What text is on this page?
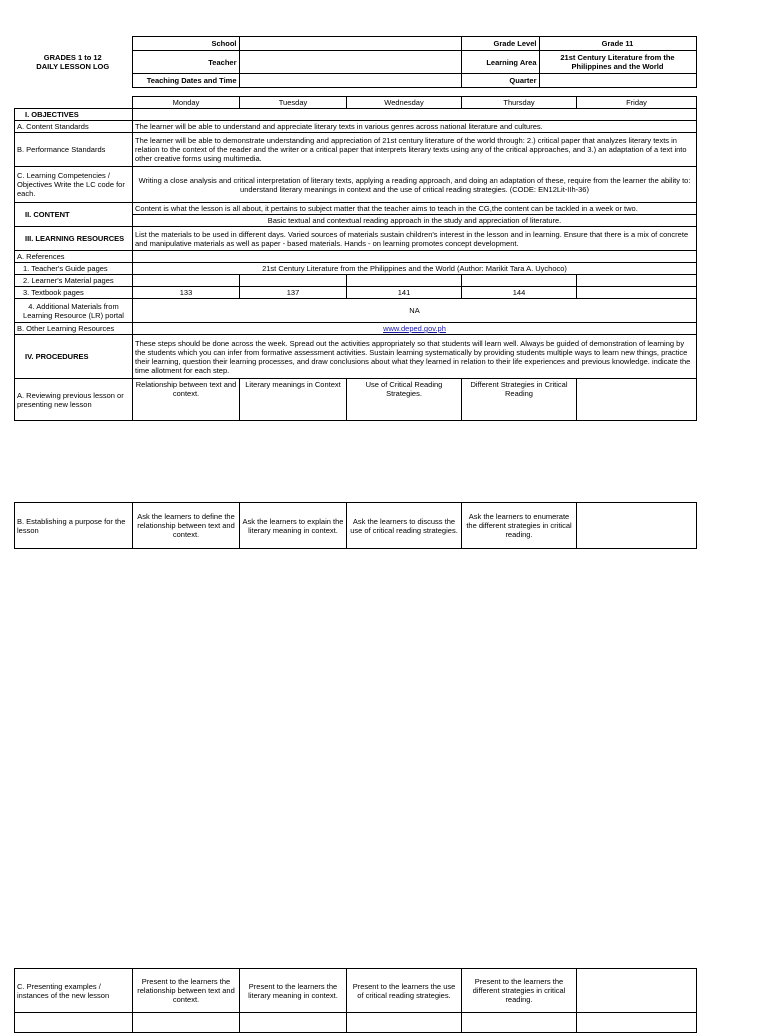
GRADES 1 to 12
DAILY LESSON LOG	School		Grade Level	Grade 11
	Teacher		Learning Area	21st Century Literature from the Philippines and the World
	Teaching Dates and Time		Quarter	
	Monday	Tuesday	Wednesday	Thursday	Friday
I. OBJECTIVES					
A. Content Standards	The learner will be able to understand and appreciate literary texts in various genres across national literature and cultures.				
B. Performance Standards	The learner will be able to demonstrate understanding and appreciation of 21st century literature of the world through: 2.) critical paper that analyzes literary texts in relation to the context of the reader and the writer or a critical paper that interprets literary texts using any of the critical approaches, and 3.) an adaptation of a text into other creative forms using multimedia.				
C. Learning Competencies / Objectives Write the LC code for each.	Writing a close analysis and critical interpretation of literary texts, applying a reading approach, and doing an adaptation of these, require from the learner the ability to: understand literary meanings in context and the use of critical reading strategies. (CODE: EN12Lit-IIh-36)				
II. CONTENT	Content is what the lesson is all about, it pertains to subject matter that the teacher aims to teach in the CG,the content can be tackled in a week or two.				
	Basic textual and contextual reading approach in the study and appreciation of literature.				
III. LEARNING RESOURCES	List the materials to be used in different days. Varied sources of materials sustain children's interest in the lesson and in learning. Ensure that there is a mix of concrete and manipulative materials as well as paper - based materials. Hands - on learning promotes concept development.				
A. References					
1. Teacher's Guide pages	21st Century Literature from the Philippines and the World (Author: Marikit Tara A. Uychoco)				
2. Learner's Material pages					
3. Textbook pages	133	137	141	144	
4. Additional Materials from Learning Resource (LR) portal	NA				
B. Other Learning Resources	www.deped.gov.ph				
IV. PROCEDURES	These steps should be done across the week. Spread out the activities appropriately so that students will learn well. Always be guided of demonstration of learning by the students which you can infer from formative assessment activities. Sustain learning systematically by providing students multiple ways to learn new things, practice their learning, question their learning processes, and draw conclusions about what they learned in relation to their life experiences and previous knowledge. indicate the time allotment for each step.				
A. Reviewing previous lesson or presenting new lesson	Relationship between text and context.	Literary meanings in Context	Use of Critical Reading Strategies.	Different Strategies in Critical Reading	
B. Establishing a purpose for the lesson	Ask the learners to define the relationship between text and context.	Ask the learners to explain the literary meaning in context.	Ask the learners to discuss the use of critical reading strategies.	Ask the learners to enumerate the different strategies in critical reading.	
C. Presenting examples / instances of the new lesson	Present to the learners the relationship between text and context.	Present to the learners the literary meaning in context.	Present to the learners the use of critical reading strategies.	Present to the learners the different strategies in critical reading.	
